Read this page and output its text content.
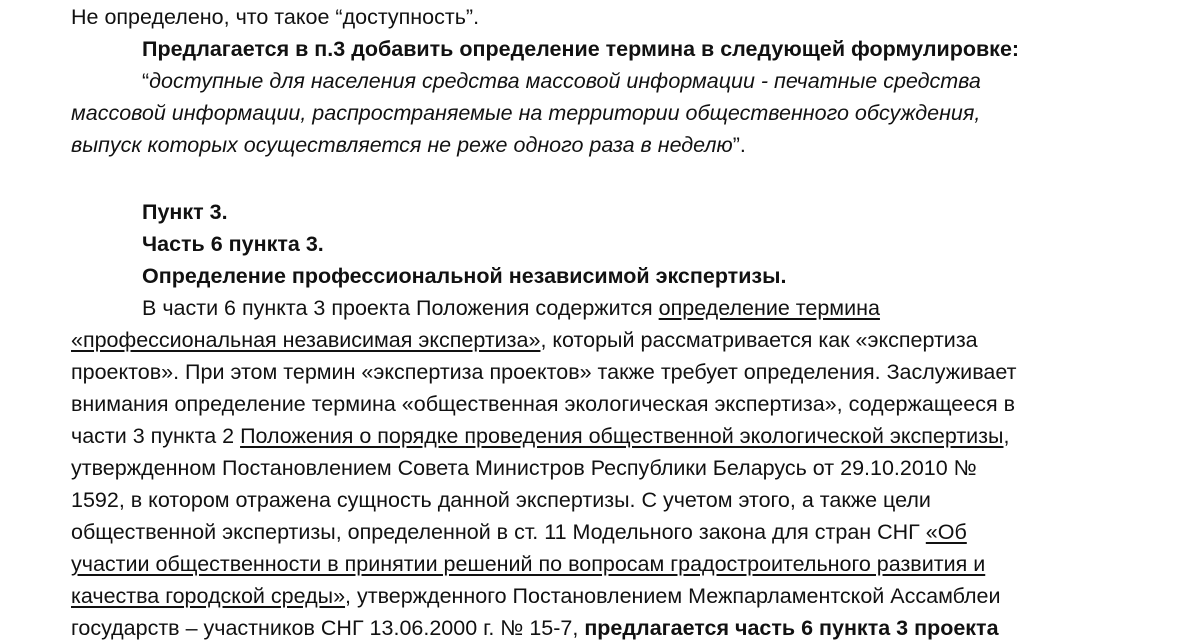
Не определено, что такое “доступность”.
Предлагается в п.3 добавить определение термина в следующей формулировке:
“доступные для населения средства массовой информации - печатные средства
массовой информации, распространяемые на территории общественного обсуждения,
выпуск которых осуществляется не реже одного раза в неделю”.
Пункт 3.
Часть 6 пункта 3.
Определение профессиональной независимой экспертизы.
В части 6 пункта 3 проекта Положения содержится определение термина
«профессиональная независимая экспертиза», который рассматривается как «экспертиза
проектов». При этом термин «экспертиза проектов» также требует определения. Заслуживает
внимания определение термина «общественная экологическая экспертиза», содержащееся в
части 3 пункта 2 Положения о порядке проведения общественной экологической экспертизы,
утвержденном Постановлением Совета Министров Республики Беларусь от 29.10.2010 №
1592, в котором отражена сущность данной экспертизы. С учетом этого, а также цели
общественной экспертизы, определенной в ст. 11 Модельного закона для стран СНГ «Об
участии общественности в принятии решений по вопросам градостроительного развития и
качества городской среды», утвержденного Постановлением Межпарламентской Ассамблеи
государств – участников СНГ 13.06.2000 г. № 15-7, предлагается часть 6 пункта 3 проекта
